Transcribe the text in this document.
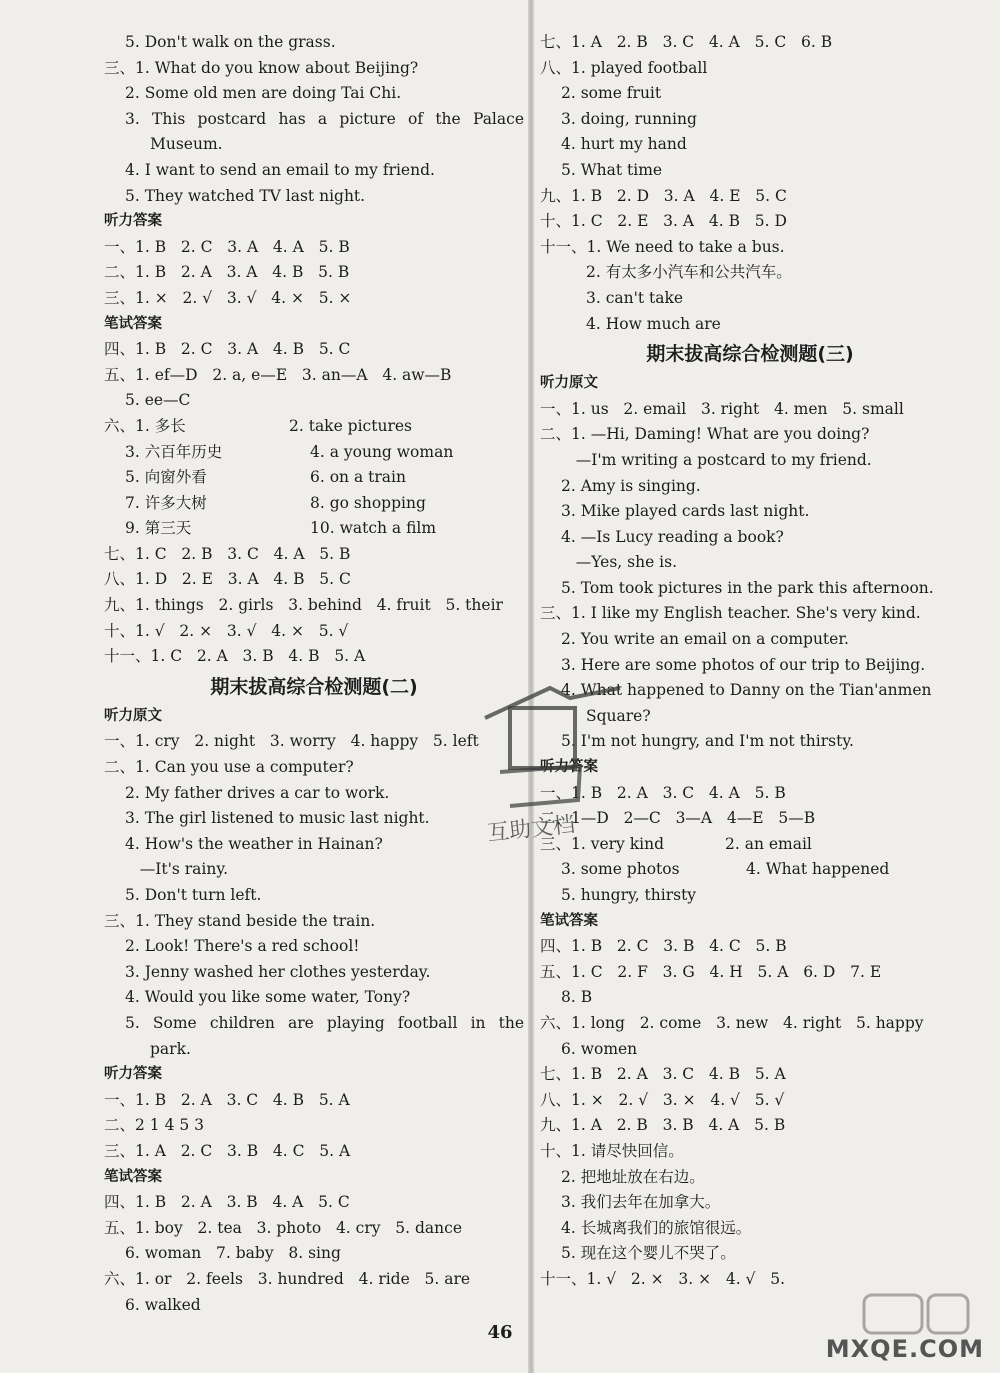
5. Don't walk on the grass.
三、1. What do you know about Beijing?
2. Some old men are doing Tai Chi.
3. This postcard has a picture of the Palace
Museum.
4. I want to send an email to my friend.
5. They watched TV last night.
听力答案
一、1. B   2. C   3. A   4. A   5. B
二、1. B   2. A   3. A   4. B   5. B
三、1. ×   2. √   3. √   4. ×   5. ×
笔试答案
四、1. B   2. C   3. A   4. B   5. C
五、1. ef—D   2. a, e—E   3. an—A   4. aw—B
5. ee—C
六、1. 多长	2. take pictures
3. 六百年历史	4. a young woman
5. 向窗外看	6. on a train
7. 许多大树	8. go shopping
9. 第三天	10. watch a film
七、1. C   2. B   3. C   4. A   5. B
八、1. D   2. E   3. A   4. B   5. C
九、1. things   2. girls   3. behind   4. fruit   5. their
十、1. √   2. ×   3. √   4. ×   5. √
十一、1. C   2. A   3. B   4. B   5. A
期末拔高综合检测题(二)
听力原文
一、1. cry   2. night   3. worry   4. happy   5. left
二、1. Can you use a computer?
2. My father drives a car to work.
3. The girl listened to music last night.
4. How's the weather in Hainan?
—It's rainy.
5. Don't turn left.
三、1. They stand beside the train.
2. Look! There's a red school!
3. Jenny washed her clothes yesterday.
4. Would you like some water, Tony?
5. Some children are playing football in the
park.
听力答案
一、1. B   2. A   3. C   4. B   5. A
二、2 1 4 5 3
三、1. A   2. C   3. B   4. C   5. A
笔试答案
四、1. B   2. A   3. B   4. A   5. C
五、1. boy   2. tea   3. photo   4. cry   5. dance
6. woman   7. baby   8. sing
六、1. or   2. feels   3. hundred   4. ride   5. are
6. walked
七、1. A   2. B   3. C   4. A   5. C   6. B
八、1. played football
2. some fruit
3. doing, running
4. hurt my hand
5. What time
九、1. B   2. D   3. A   4. E   5. C
十、1. C   2. E   3. A   4. B   5. D
十一、1. We need to take a bus.
2. 有太多小汽车和公共汽车。
3. can't take
4. How much are
期末拔高综合检测题(三)
听力原文
一、1. us   2. email   3. right   4. men   5. small
二、1. —Hi, Daming! What are you doing?
—I'm writing a postcard to my friend.
2. Amy is singing.
3. Mike played cards last night.
4. —Is Lucy reading a book?
—Yes, she is.
5. Tom took pictures in the park this afternoon.
三、1. I like my English teacher. She's very kind.
2. You write an email on a computer.
3. Here are some photos of our trip to Beijing.
4. What happened to Danny on the Tian'anmen
Square?
5. I'm not hungry, and I'm not thirsty.
听力答案
一、1. B   2. A   3. C   4. A   5. B
二、1—D   2—C   3—A   4—E   5—B
三、1. very kind	2. an email
3. some photos	4. What happened
5. hungry, thirsty
笔试答案
四、1. B   2. C   3. B   4. C   5. B
五、1. C   2. F   3. G   4. H   5. A   6. D   7. E
8. B
六、1. long   2. come   3. new   4. right   5. happy
6. women
七、1. B   2. A   3. C   4. B   5. A
八、1. ×   2. √   3. ×   4. √   5. √
九、1. A   2. B   3. B   4. A   5. B
十、1. 请尽快回信。
2. 把地址放在右边。
3. 我们去年在加拿大。
4. 长城离我们的旅馆很远。
5. 现在这个婴儿不哭了。
十一、1. √   2. ×   3. ×   4. √   5.
互助文档
46
MXQE.COM
